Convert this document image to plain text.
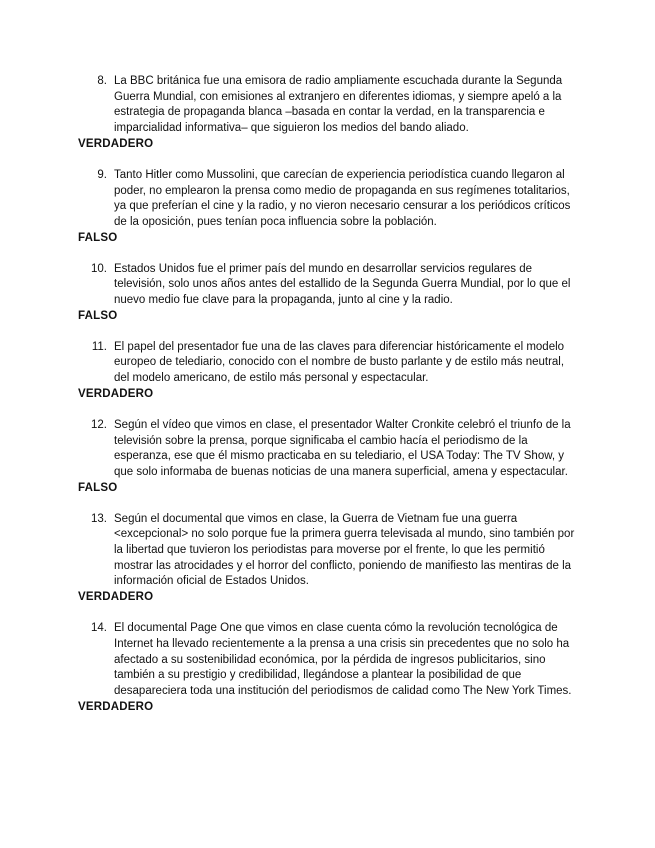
8. La BBC británica fue una emisora de radio ampliamente escuchada durante la Segunda Guerra Mundial, con emisiones al extranjero en diferentes idiomas, y siempre apeló a la estrategia de propaganda blanca –basada en contar la verdad, en la transparencia e imparcialidad informativa– que siguieron los medios del bando aliado.
VERDADERO
9. Tanto Hitler como Mussolini, que carecían de experiencia periodística cuando llegaron al poder, no emplearon la prensa como medio de propaganda en sus regímenes totalitarios, ya que preferían el cine y la radio, y no vieron necesario censurar a los periódicos críticos de la oposición, pues tenían poca influencia sobre la población.
FALSO
10. Estados Unidos fue el primer país del mundo en desarrollar servicios regulares de televisión, solo unos años antes del estallido de la Segunda Guerra Mundial, por lo que el nuevo medio fue clave para la propaganda, junto al cine y la radio.
FALSO
11. El papel del presentador fue una de las claves para diferenciar históricamente el modelo europeo de telediario, conocido con el nombre de busto parlante y de estilo más neutral, del modelo americano, de estilo más personal y espectacular.
VERDADERO
12. Según el vídeo que vimos en clase, el presentador Walter Cronkite celebró el triunfo de la televisión sobre la prensa, porque significaba el cambio hacía el periodismo de la esperanza, ese que él mismo practicaba en su telediario, el USA Today: The TV Show, y que solo informaba de buenas noticias de una manera superficial, amena y espectacular.
FALSO
13. Según el documental que vimos en clase, la Guerra de Vietnam fue una guerra <excepcional> no solo porque fue la primera guerra televisada al mundo, sino también por la libertad que tuvieron los periodistas para moverse por el frente, lo que les permitió mostrar las atrocidades y el horror del conflicto, poniendo de manifiesto las mentiras de la información oficial de Estados Unidos.
VERDADERO
14. El documental Page One que vimos en clase cuenta cómo la revolución tecnológica de Internet ha llevado recientemente a la prensa a una crisis sin precedentes que no solo ha afectado a su sostenibilidad económica, por la pérdida de ingresos publicitarios, sino también a su prestigio y credibilidad, llegándose a plantear la posibilidad de que desapareciera toda una institución del periodismos de calidad como The New York Times.
VERDADERO
